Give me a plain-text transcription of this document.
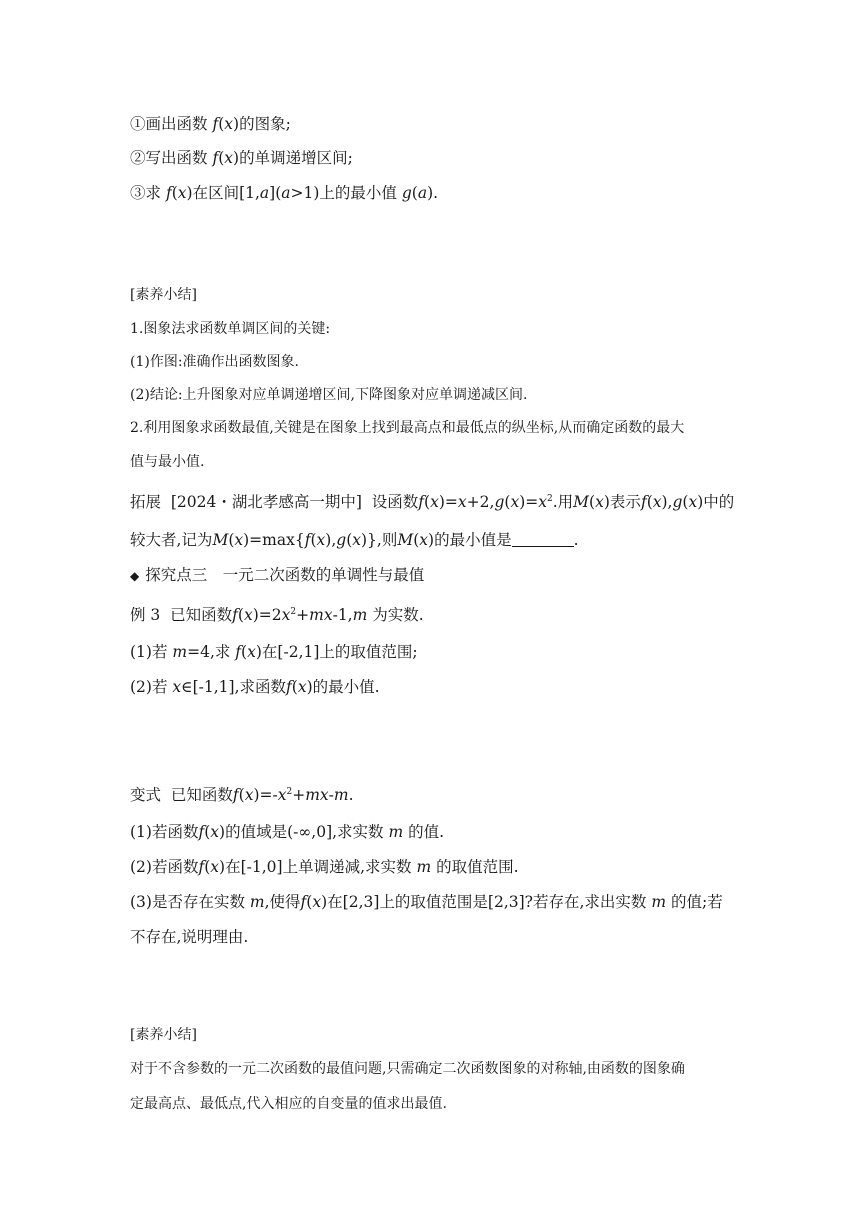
①画出函数 f(x)的图象;
②写出函数 f(x)的单调递增区间;
③求 f(x)在区间[1,a](a>1)上的最小值 g(a).
[素养小结]
1.图象法求函数单调区间的关键:
(1)作图:准确作出函数图象.
(2)结论:上升图象对应单调递增区间,下降图象对应单调递减区间.
2.利用图象求函数最值,关键是在图象上找到最高点和最低点的纵坐标,从而确定函数的最大
值与最小值.
拓展 [2024・湖北孝感高一期中] 设函数$f(x)=x+2,g(x)=x^2$.用M(x)表示f(x),g(x)中的
较大者,记为M(x)=max{f(x),g(x)},则M(x)的最小值是	.
◆ 探究点三　一元二次函数的单调性与最值
例 3 已知函数$f(x)=2x^2+mx-1,m$ 为实数.
(1)若 m=4,求 f(x)在[-2,1]上的取值范围;
(2)若 x∈[-1,1],求函数f(x)的最小值.
变式 已知函数$f(x)=-x^2+mx-m$.
(1)若函数f(x)的值域是(-∞,0],求实数 m 的值.
(2)若函数f(x)在[-1,0]上单调递减,求实数 m 的取值范围.
(3)是否存在实数 m,使得f(x)在[2,3]上的取值范围是[2,3]?若存在,求出实数 m 的值;若
不存在,说明理由.
[素养小结]
对于不含参数的一元二次函数的最值问题,只需确定二次函数图象的对称轴,由函数的图象确
定最高点、最低点,代入相应的自变量的值求出最值.
